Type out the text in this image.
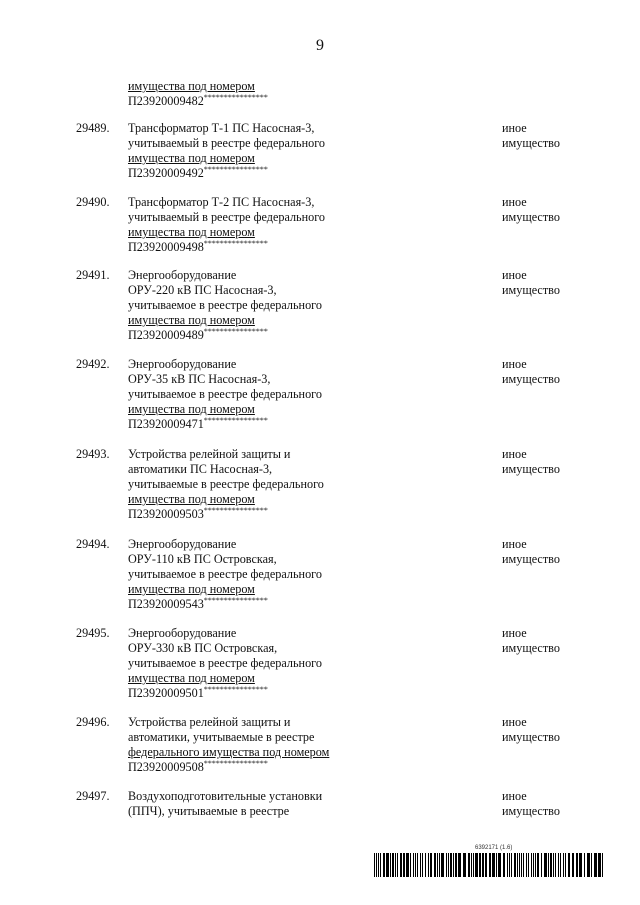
9
имущества под номером
П23920009482****************
29489. Трансформатор Т-1 ПС Насосная-3,
учитываемый в реестре федерального
имущества под номером
П23920009492****************
иное
имущество
29490. Трансформатор Т-2 ПС Насосная-3,
учитываемый в реестре федерального
имущества под номером
П23920009498****************
иное
имущество
29491. Энергооборудование
ОРУ-220 кВ ПС Насосная-3,
учитываемое в реестре федерального
имущества под номером
П23920009489****************
иное
имущество
29492. Энергооборудование
ОРУ-35 кВ ПС Насосная-3,
учитываемое в реестре федерального
имущества под номером
П23920009471****************
иное
имущество
29493. Устройства релейной защиты и
автоматики ПС Насосная-3,
учитываемые в реестре федерального
имущества под номером
П23920009503****************
иное
имущество
29494. Энергооборудование
ОРУ-110 кВ ПС Островская,
учитываемое в реестре федерального
имущества под номером
П23920009543****************
иное
имущество
29495. Энергооборудование
ОРУ-330 кВ ПС Островская,
учитываемое в реестре федерального
имущества под номером
П23920009501****************
иное
имущество
29496. Устройства релейной защиты и
автоматики, учитываемые в реестре
федерального имущества под номером
П23920009508****************
иное
имущество
29497. Воздухоподготовительные установки
(ППЧ), учитываемые в реестре
иное
имущество
6392171 (1.6)
